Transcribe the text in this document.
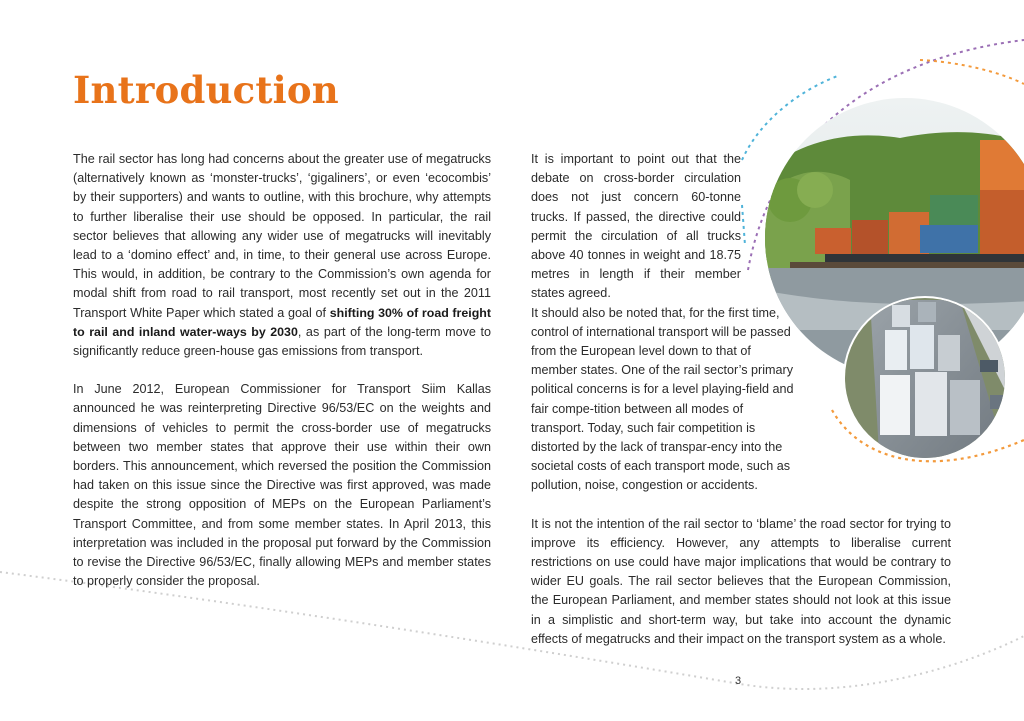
Introduction

The rail sector has long had concerns about the greater use of megatrucks (alternatively known as ‘monster-trucks’, ‘gigaliners’, or even ‘ecocombis’ by their supporters) and wants to outline, with this brochure, why attempts to further liberalise their use should be opposed. In particular, the rail sector believes that allowing any wider use of megatrucks will inevitably lead to a ‘domino effect’ and, in time, to their general use across Europe. This would, in addition, be contrary to the Commission’s own agenda for modal shift from road to rail transport, most recently set out in the 2011 Transport White Paper which stated a goal of shifting 30% of road freight to rail and inland water-ways by 2030, as part of the long-term move to significantly reduce green-house gas emissions from transport.

In June 2012, European Commissioner for Transport Siim Kallas announced he was reinterpreting Directive 96/53/EC on the weights and dimensions of vehicles to permit the cross-border use of megatrucks between two member states that approve their use within their own borders. This announcement, which reversed the position the Commission had taken on this issue since the Directive was first approved, was made despite the strong opposition of MEPs on the European Parliament’s Transport Committee, and from some member states. In April 2013, this interpretation was included in the proposal put forward by the Commission to revise the Directive 96/53/EC, finally allowing MEPs and member states to properly consider the proposal.

It is important to point out that the debate on cross-border circulation does not just concern 60-tonne trucks. If passed, the directive could permit the circulation of all trucks above 40 tonnes in weight and 18.75 metres in length if their member states agreed.
It should also be noted that, for the first time, control of international transport will be passed from the European level down to that of member states. One of the rail sector’s primary political concerns is for a level playing-field and fair compe-tition between all modes of transport. Today, such fair competition is distorted by the lack of transpar-ency into the societal costs of each transport mode, such as pollution, noise, congestion or accidents.

It is not the intention of the rail sector to ‘blame’ the road sector for trying to improve its efficiency. However, any attempts to liberalise current restrictions on use could have major implications that would be contrary to wider EU goals. The rail sector believes that the European Commission, the European Parliament, and member states should not look at this issue in a simplistic and short-term way, but take into account the dynamic effects of megatrucks and their impact on the transport system as a whole.

3
